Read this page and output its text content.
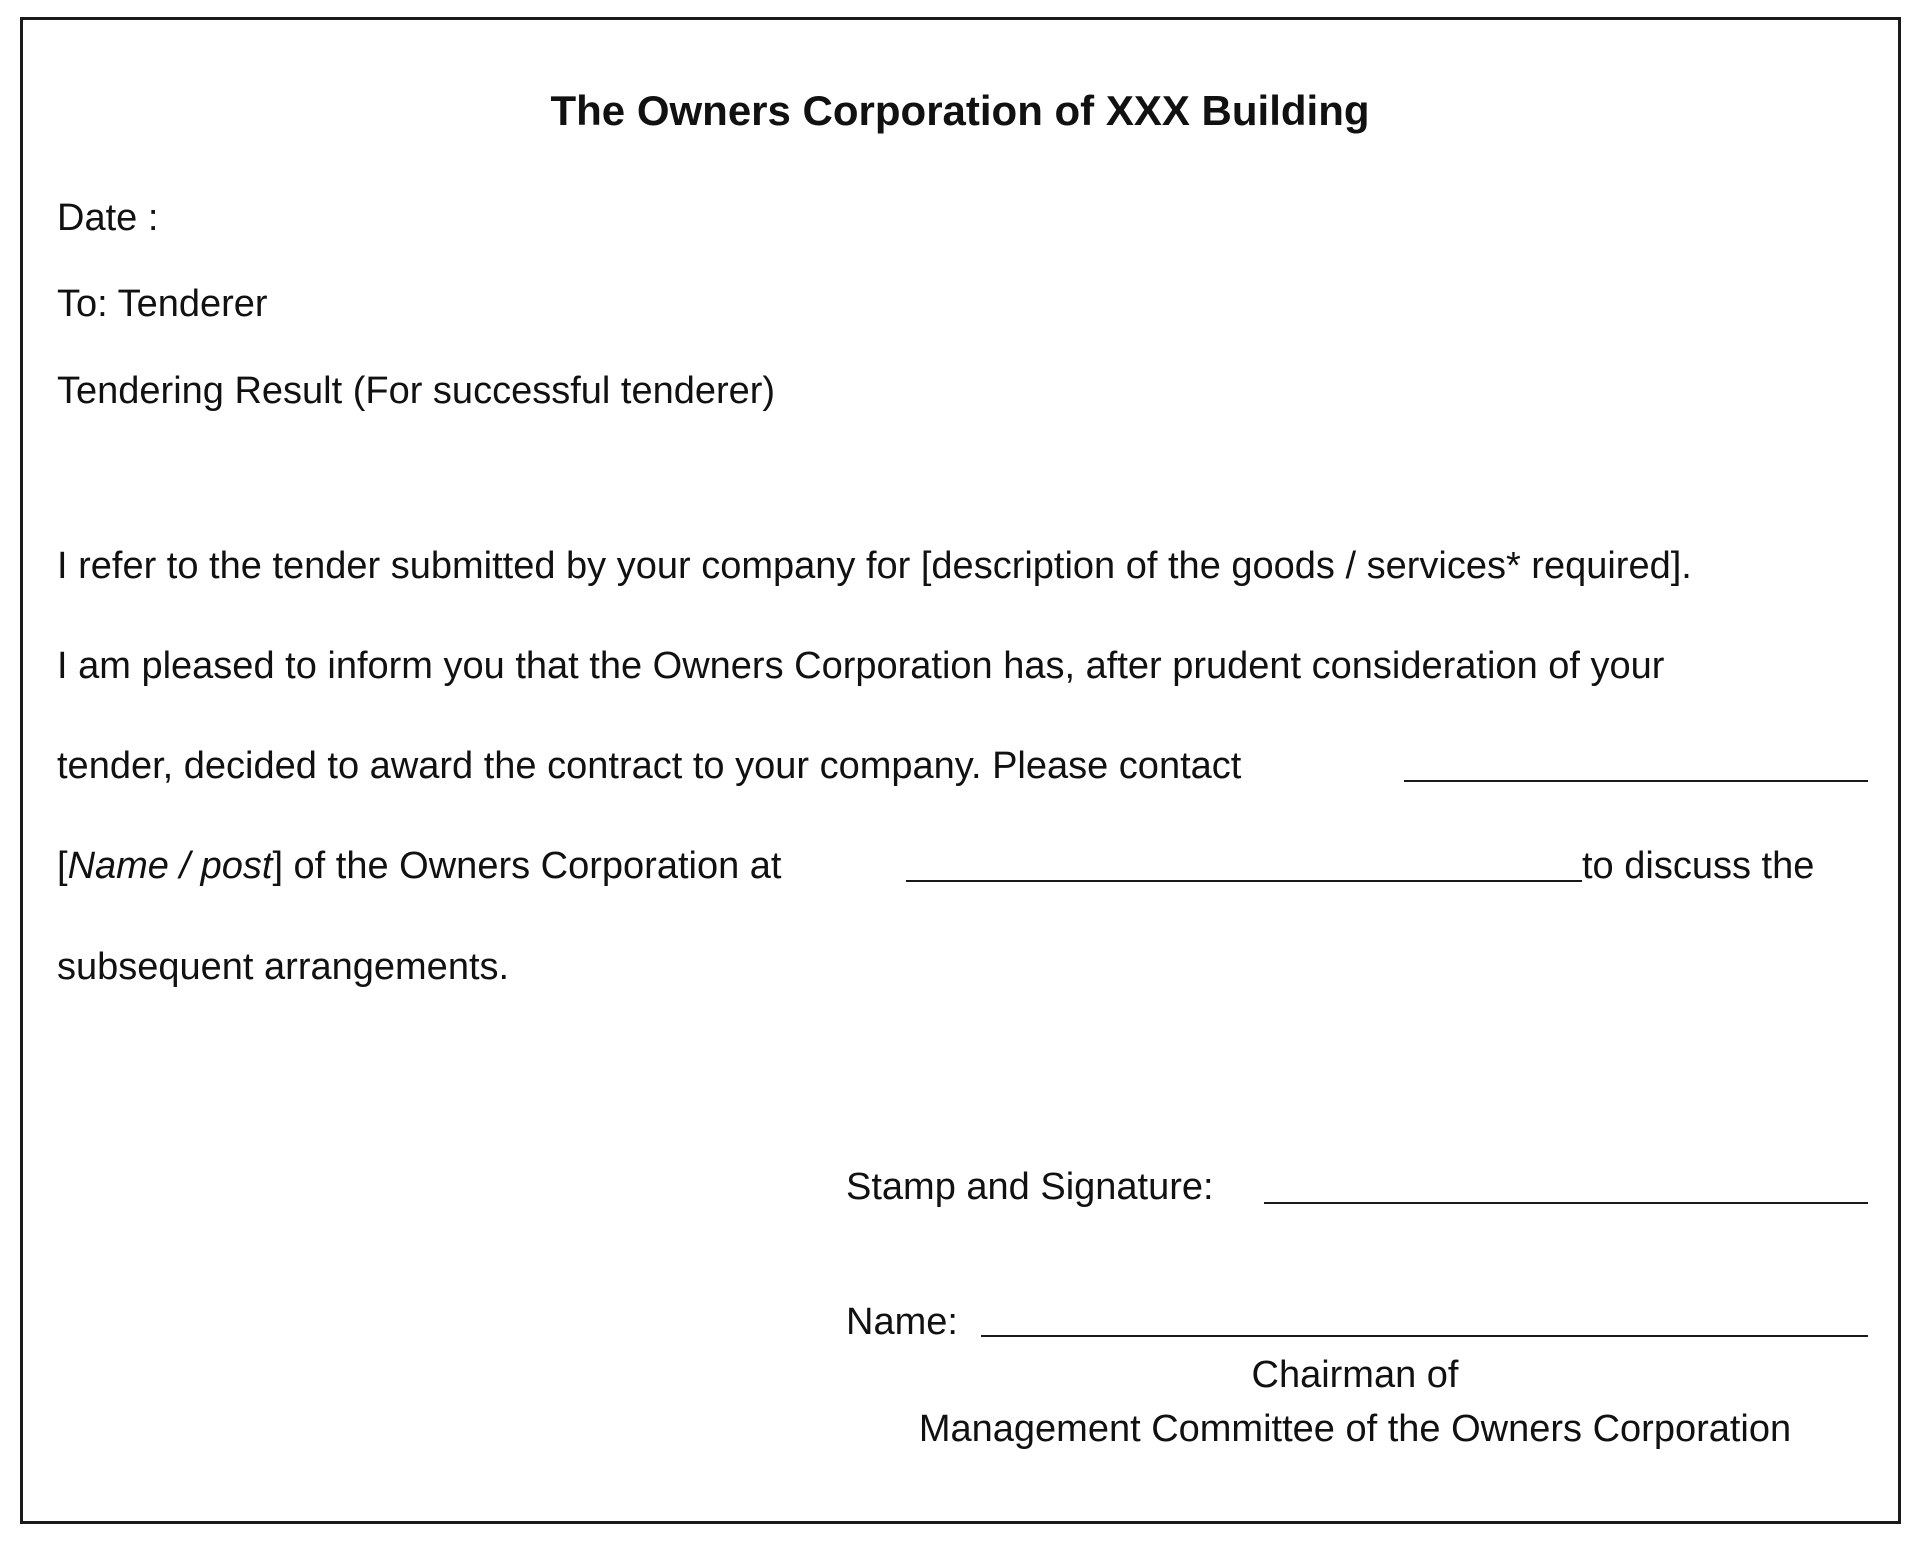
The Owners Corporation of XXX Building
Date :
To: Tenderer
Tendering Result (For successful tenderer)
I refer to the tender submitted by your company for [description of the goods / services* required].
I am pleased to inform you that the Owners Corporation has, after prudent consideration of your
tender, decided to award the contract to your company. Please contact
[Name / post] of the Owners Corporation at	to discuss the
subsequent arrangements.
Stamp and Signature:
Name:
Chairman of
Management Committee of the Owners Corporation
